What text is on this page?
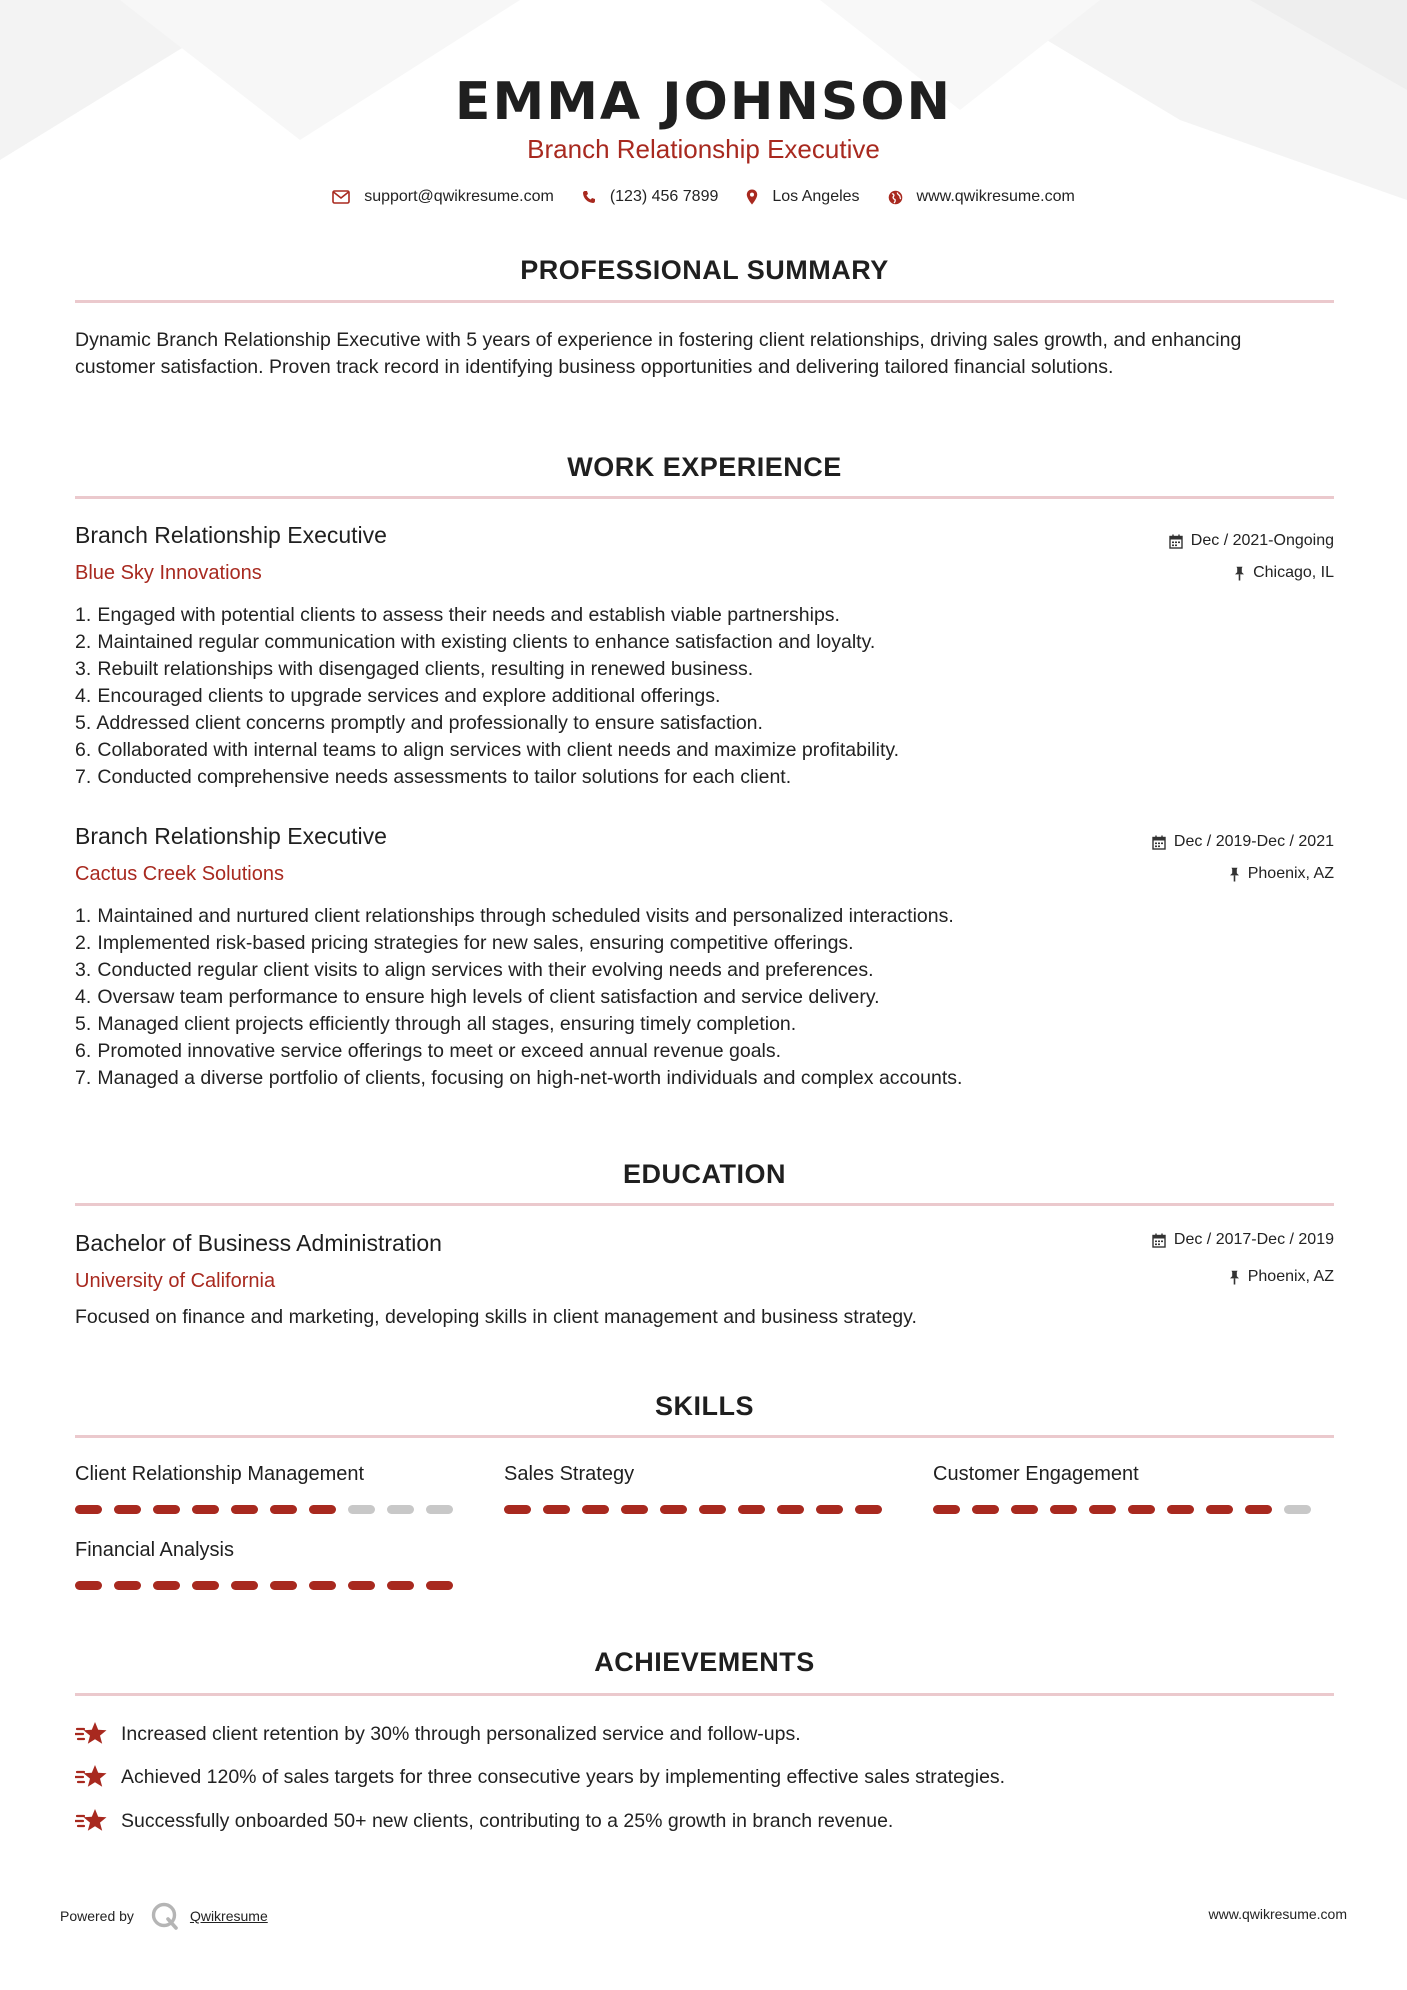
EMMA JOHNSON
Branch Relationship Executive
support@qwikresume.com	(123) 456 7899	Los Angeles	www.qwikresume.com
PROFESSIONAL SUMMARY
Dynamic Branch Relationship Executive with 5 years of experience in fostering client relationships, driving sales growth, and enhancing customer satisfaction. Proven track record in identifying business opportunities and delivering tailored financial solutions.
WORK EXPERIENCE
Branch Relationship Executive
Blue Sky Innovations
Dec / 2021-Ongoing
Chicago, IL
1. Engaged with potential clients to assess their needs and establish viable partnerships.
2. Maintained regular communication with existing clients to enhance satisfaction and loyalty.
3. Rebuilt relationships with disengaged clients, resulting in renewed business.
4. Encouraged clients to upgrade services and explore additional offerings.
5. Addressed client concerns promptly and professionally to ensure satisfaction.
6. Collaborated with internal teams to align services with client needs and maximize profitability.
7. Conducted comprehensive needs assessments to tailor solutions for each client.
Branch Relationship Executive
Cactus Creek Solutions
Dec / 2019-Dec / 2021
Phoenix, AZ
1. Maintained and nurtured client relationships through scheduled visits and personalized interactions.
2. Implemented risk-based pricing strategies for new sales, ensuring competitive offerings.
3. Conducted regular client visits to align services with their evolving needs and preferences.
4. Oversaw team performance to ensure high levels of client satisfaction and service delivery.
5. Managed client projects efficiently through all stages, ensuring timely completion.
6. Promoted innovative service offerings to meet or exceed annual revenue goals.
7. Managed a diverse portfolio of clients, focusing on high-net-worth individuals and complex accounts.
EDUCATION
Bachelor of Business Administration
University of California
Dec / 2017-Dec / 2019
Phoenix, AZ
Focused on finance and marketing, developing skills in client management and business strategy.
SKILLS
Client Relationship Management	Sales Strategy	Customer Engagement
Financial Analysis
ACHIEVEMENTS
Increased client retention by 30% through personalized service and follow-ups.
Achieved 120% of sales targets for three consecutive years by implementing effective sales strategies.
Successfully onboarded 50+ new clients, contributing to a 25% growth in branch revenue.
Powered by	Qwikresume	www.qwikresume.com
